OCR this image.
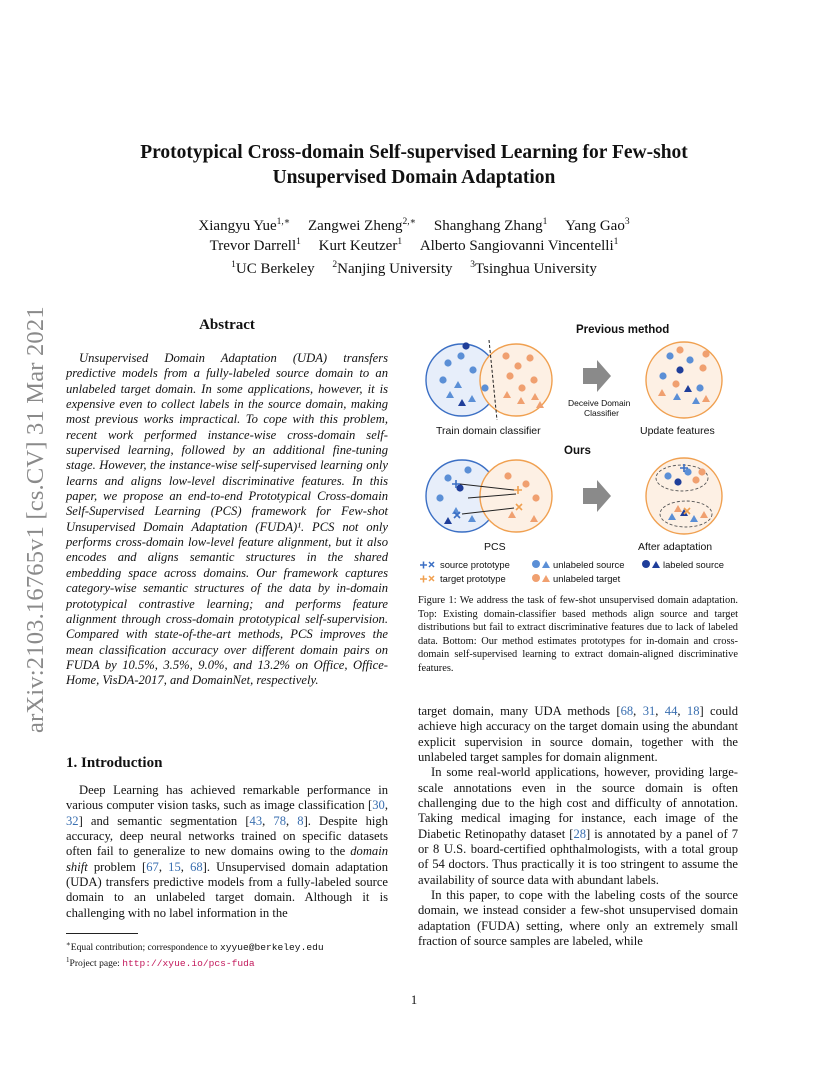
arXiv:2103.16765v1 [cs.CV] 31 Mar 2021
Prototypical Cross-domain Self-supervised Learning for Few-shot
Unsupervised Domain Adaptation
Xiangyu Yue$^{1,∗}$ Zangwei Zheng$^{2,∗}$ Shanghang Zhang$^1$ Yang Gao$^3$
Trevor Darrell$^1$ Kurt Keutzer$^1$ Alberto Sangiovanni Vincentelli$^1$
$^1$UC Berkeley $^2$Nanjing University $^3$Tsinghua University
Abstract

Unsupervised Domain Adaptation (UDA) transfers predictive models from a fully-labeled source domain to an unlabeled target domain. In some applications, however, it is expensive even to collect labels in the source domain, making most previous works impractical. To cope with this problem, recent work performed instance-wise cross-domain self-supervised learning, followed by an additional fine-tuning stage. However, the instance-wise self-supervised learning only learns and aligns low-level discriminative features. In this paper, we propose an end-to-end Prototypical Cross-domain Self-Supervised Learning (PCS) framework for Few-shot Unsupervised Domain Adaptation (FUDA)¹. PCS not only performs cross-domain low-level feature alignment, but it also encodes and aligns semantic structures in the shared embedding space across domains. Our framework captures category-wise semantic structures of the data by in-domain prototypical contrastive learning; and performs feature alignment through cross-domain prototypical self-supervision. Compared with state-of-the-art methods, PCS improves the mean classification accuracy over different domain pairs on FUDA by 10.5%, 3.5%, 9.0%, and 13.2% on Office, Office-Home, VisDA-2017, and DomainNet, respectively.

1. Introduction

Deep Learning has achieved remarkable performance in various computer vision tasks, such as image classification [30, 32] and semantic segmentation [43, 78, 8]. Despite high accuracy, deep neural networks trained on specific datasets often fail to generalize to new domains owing to the domain shift problem [67, 15, 68]. Unsupervised domain adaptation (UDA) transfers predictive models from a fully-labeled source domain to an unlabeled target domain. Although it is challenging with no label information in the

∗Equal contribution; correspondence to xyyue@berkeley.edu
$^1$Project page: http://xyue.io/pcs-fuda
Previous method
Train domain classifier
Deceive Domain
Classifier
Update features
Ours
PCS	After adaptation
source prototype	unlabeled source	labeled source
target prototype	unlabeled target

Figure 1: We address the task of few-shot unsupervised domain adaptation. Top: Existing domain-classifier based methods align source and target distributions but fail to extract discriminative features due to lack of labeled data. Bottom: Our method estimates prototypes for in-domain and cross-domain self-supervised learning to extract domain-aligned discriminative features.

target domain, many UDA methods [68, 31, 44, 18] could achieve high accuracy on the target domain using the abundant explicit supervision in source domain, together with the unlabeled target samples for domain alignment.

In some real-world applications, however, providing large-scale annotations even in the source domain is often challenging due to the high cost and difficulty of annotation. Taking medical imaging for instance, each image of the Diabetic Retinopathy dataset [28] is annotated by a panel of 7 or 8 U.S. board-certified ophthalmologists, with a total group of 54 doctors. Thus practically it is too stringent to assume the availability of source data with abundant labels.

In this paper, to cope with the labeling costs of the source domain, we instead consider a few-shot unsupervised domain adaptation (FUDA) setting, where only an extremely small fraction of source samples are labeled, while

1
